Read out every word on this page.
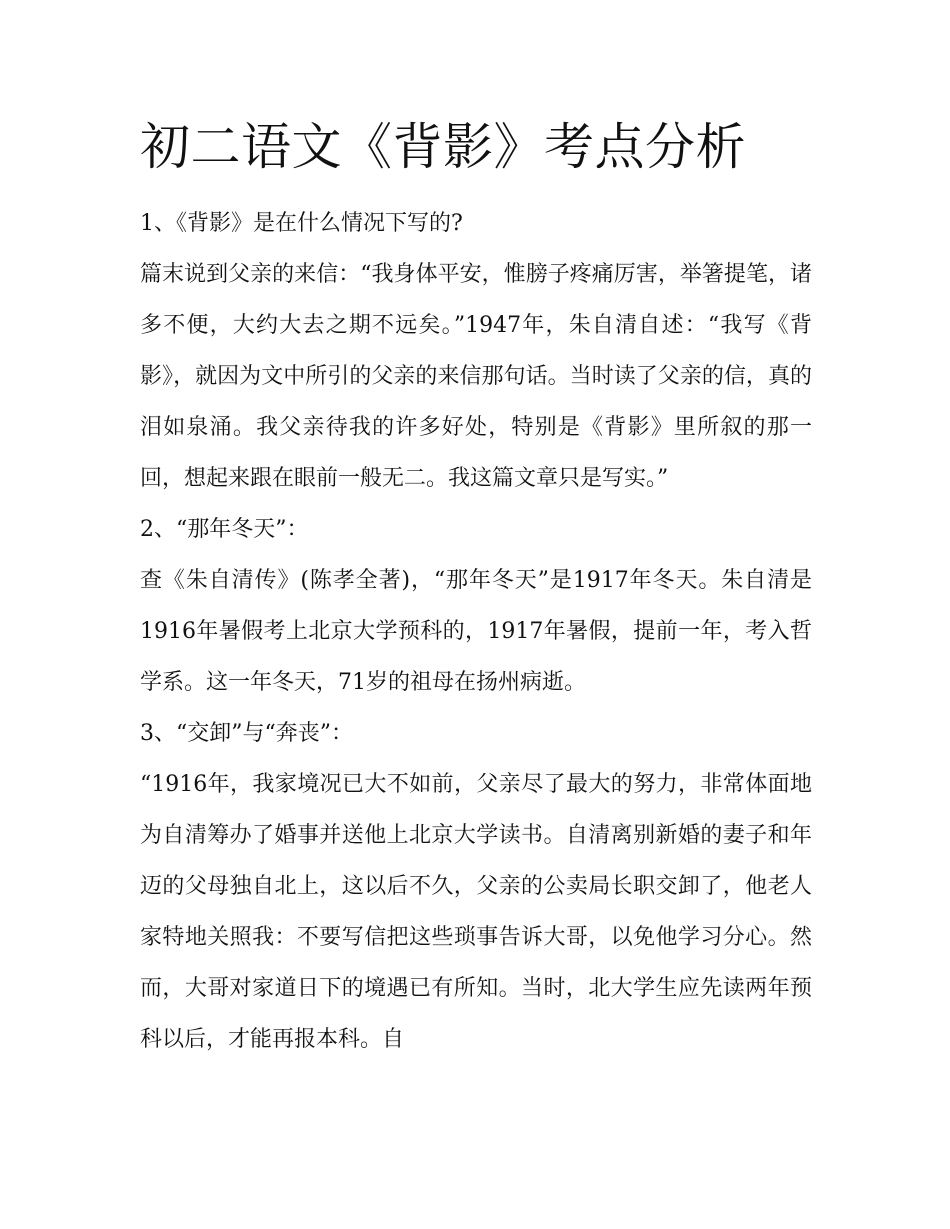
初二语文《背影》考点分析

1、《背影》是在什么情况下写的?

篇末说到父亲的来信：“我身体平安，惟膀子疼痛厉害，举箸提笔，诸多不便，大约大去之期不远矣。”1947年，朱自清自述：“我写《背影》，就因为文中所引的父亲的来信那句话。当时读了父亲的信，真的泪如泉涌。我父亲待我的许多好处，特别是《背影》里所叙的那一回，想起来跟在眼前一般无二。我这篇文章只是写实。”

2、“那年冬天”：

查《朱自清传》(陈孝全著)，“那年冬天”是1917年冬天。朱自清是1916年暑假考上北京大学预科的，1917年暑假，提前一年，考入哲学系。这一年冬天，71岁的祖母在扬州病逝。

3、“交卸”与“奔丧”：

“1916年，我家境况已大不如前，父亲尽了最大的努力，非常体面地为自清筹办了婚事并送他上北京大学读书。自清离别新婚的妻子和年迈的父母独自北上，这以后不久，父亲的公卖局长职交卸了，他老人家特地关照我：不要写信把这些琐事告诉大哥，以免他学习分心。然而，大哥对家道日下的境遇已有所知。当时，北大学生应先读两年预科以后，才能再报本科。自
